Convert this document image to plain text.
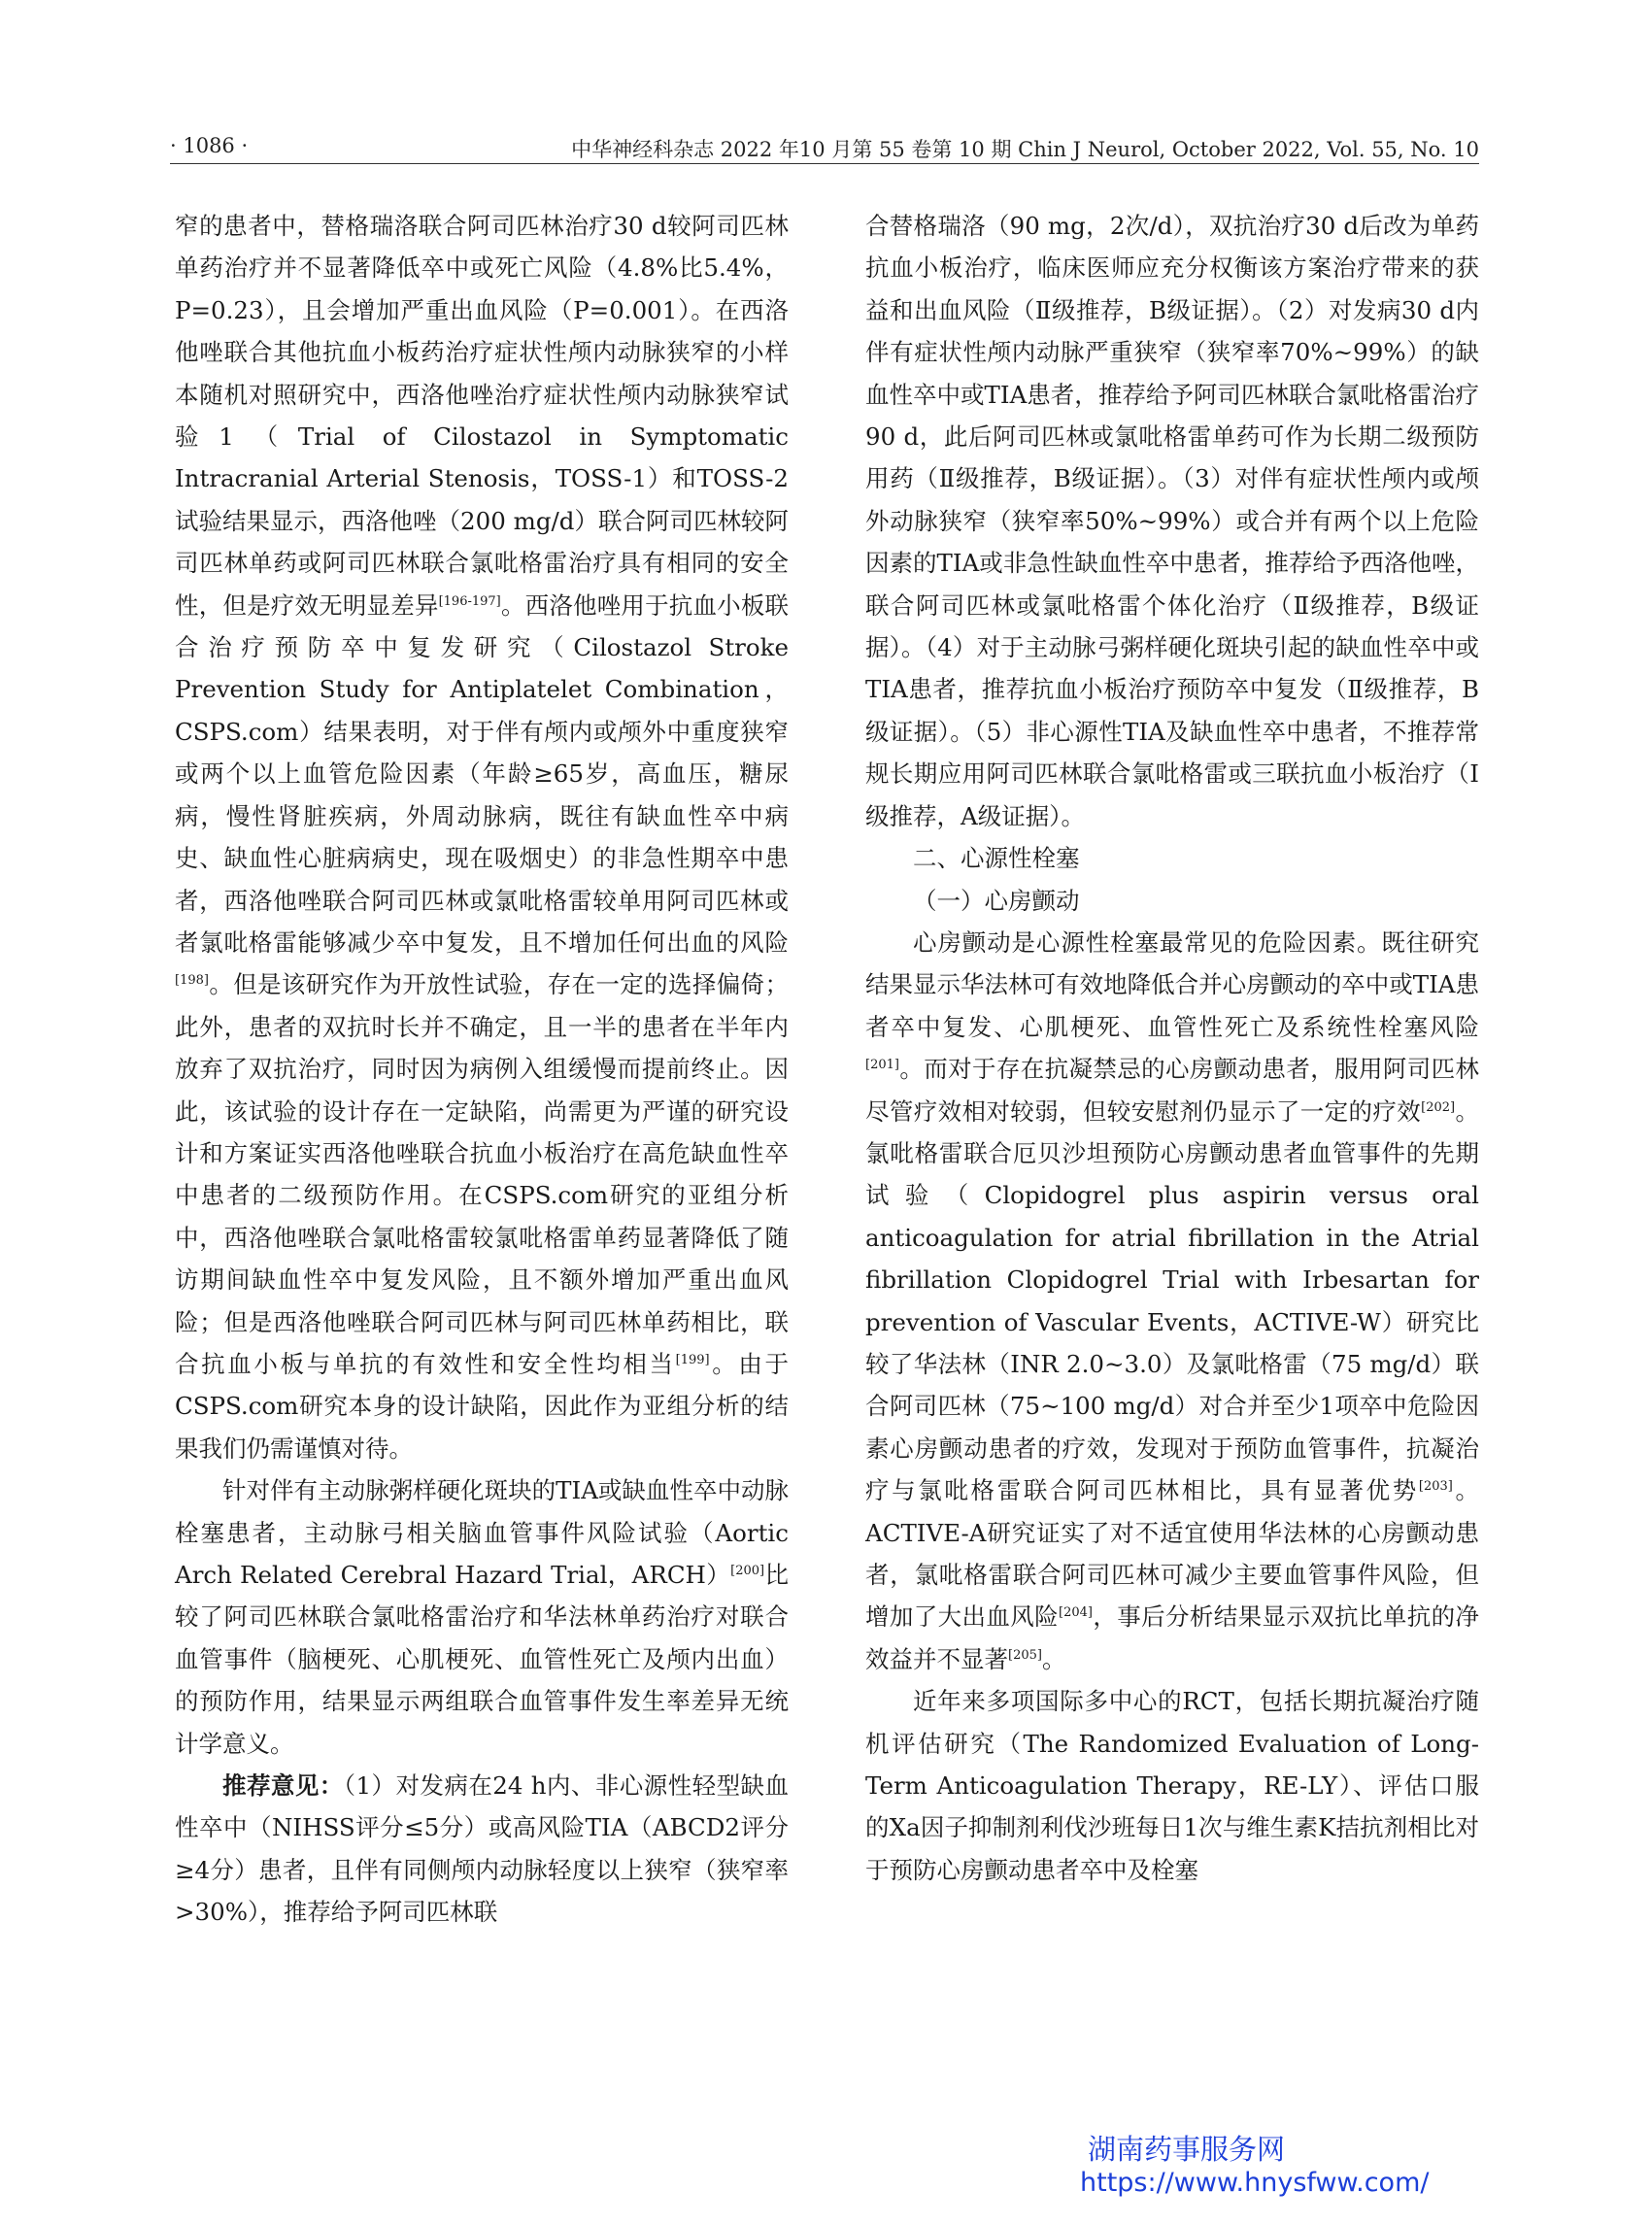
· 1086 ·	中华神经科杂志 2022 年10 月第 55 卷第 10 期 Chin J Neurol, October 2022, Vol. 55, No. 10

窄的患者中，替格瑞洛联合阿司匹林治疗30 d较阿司匹林单药治疗并不显著降低卒中或死亡风险（4.8%比5.4%，P=0.23），且会增加严重出血风险（P=0.001）。在西洛他唑联合其他抗血小板药治疗症状性颅内动脉狭窄的小样本随机对照研究中，西洛他唑治疗症状性颅内动脉狭窄试验1（Trial of Cilostazol in Symptomatic Intracranial Arterial Stenosis，TOSS-1）和TOSS-2试验结果显示，西洛他唑（200 mg/d）联合阿司匹林较阿司匹林单药或阿司匹林联合氯吡格雷治疗具有相同的安全性，但是疗效无明显差异[196-197]。西洛他唑用于抗血小板联合治疗预防卒中复发研究（Cilostazol Stroke Prevention Study for Antiplatelet Combination，CSPS.com）结果表明，对于伴有颅内或颅外中重度狭窄或两个以上血管危险因素（年龄≥65岁，高血压，糖尿病，慢性肾脏疾病，外周动脉病，既往有缺血性卒中病史、缺血性心脏病病史，现在吸烟史）的非急性期卒中患者，西洛他唑联合阿司匹林或氯吡格雷较单用阿司匹林或者氯吡格雷能够减少卒中复发，且不增加任何出血的风险[198]。但是该研究作为开放性试验，存在一定的选择偏倚；此外，患者的双抗时长并不确定，且一半的患者在半年内放弃了双抗治疗，同时因为病例入组缓慢而提前终止。因此，该试验的设计存在一定缺陷，尚需更为严谨的研究设计和方案证实西洛他唑联合抗血小板治疗在高危缺血性卒中患者的二级预防作用。在CSPS.com研究的亚组分析中，西洛他唑联合氯吡格雷较氯吡格雷单药显著降低了随访期间缺血性卒中复发风险，且不额外增加严重出血风险；但是西洛他唑联合阿司匹林与阿司匹林单药相比，联合抗血小板与单抗的有效性和安全性均相当[199]。由于CSPS.com研究本身的设计缺陷，因此作为亚组分析的结果我们仍需谨慎对待。

针对伴有主动脉粥样硬化斑块的TIA或缺血性卒中动脉栓塞患者，主动脉弓相关脑血管事件风险试验（Aortic Arch Related Cerebral Hazard Trial，ARCH）[200]比较了阿司匹林联合氯吡格雷治疗和华法林单药治疗对联合血管事件（脑梗死、心肌梗死、血管性死亡及颅内出血）的预防作用，结果显示两组联合血管事件发生率差异无统计学意义。

推荐意见：（1）对发病在24 h内、非心源性轻型缺血性卒中（NIHSS评分≤5分）或高风险TIA（ABCD2评分≥4分）患者，且伴有同侧颅内动脉轻度以上狭窄（狭窄率>30%），推荐给予阿司匹林联

合替格瑞洛（90 mg，2次/d），双抗治疗30 d后改为单药抗血小板治疗，临床医师应充分权衡该方案治疗带来的获益和出血风险（Ⅱ级推荐，B级证据）。（2）对发病30 d内伴有症状性颅内动脉严重狭窄（狭窄率70%~99%）的缺血性卒中或TIA患者，推荐给予阿司匹林联合氯吡格雷治疗90 d，此后阿司匹林或氯吡格雷单药可作为长期二级预防用药（Ⅱ级推荐，B级证据）。（3）对伴有症状性颅内或颅外动脉狭窄（狭窄率50%~99%）或合并有两个以上危险因素的TIA或非急性缺血性卒中患者，推荐给予西洛他唑，联合阿司匹林或氯吡格雷个体化治疗（Ⅱ级推荐，B级证据）。（4）对于主动脉弓粥样硬化斑块引起的缺血性卒中或TIA患者，推荐抗血小板治疗预防卒中复发（Ⅱ级推荐，B级证据）。（5）非心源性TIA及缺血性卒中患者，不推荐常规长期应用阿司匹林联合氯吡格雷或三联抗血小板治疗（Ⅰ级推荐，A级证据）。

二、心源性栓塞

（一）心房颤动

心房颤动是心源性栓塞最常见的危险因素。既往研究结果显示华法林可有效地降低合并心房颤动的卒中或TIA患者卒中复发、心肌梗死、血管性死亡及系统性栓塞风险[201]。而对于存在抗凝禁忌的心房颤动患者，服用阿司匹林尽管疗效相对较弱，但较安慰剂仍显示了一定的疗效[202]。氯吡格雷联合厄贝沙坦预防心房颤动患者血管事件的先期试验（Clopidogrel plus aspirin versus oral anticoagulation for atrial fibrillation in the Atrial fibrillation Clopidogrel Trial with Irbesartan for prevention of Vascular Events，ACTIVE-W）研究比较了华法林（INR 2.0~3.0）及氯吡格雷（75 mg/d）联合阿司匹林（75~100 mg/d）对合并至少1项卒中危险因素心房颤动患者的疗效，发现对于预防血管事件，抗凝治疗与氯吡格雷联合阿司匹林相比，具有显著优势[203]。ACTIVE-A研究证实了对不适宜使用华法林的心房颤动患者，氯吡格雷联合阿司匹林可减少主要血管事件风险，但增加了大出血风险[204]，事后分析结果显示双抗比单抗的净效益并不显著[205]。

近年来多项国际多中心的RCT，包括长期抗凝治疗随机评估研究（The Randomized Evaluation of Long-Term Anticoagulation Therapy，RE-LY）、评估口服的Ⅹa因子抑制剂利伐沙班每日1次与维生素K拮抗剂相比对于预防心房颤动患者卒中及栓塞

湖南药事服务网
https://www.hnysfww.com/
